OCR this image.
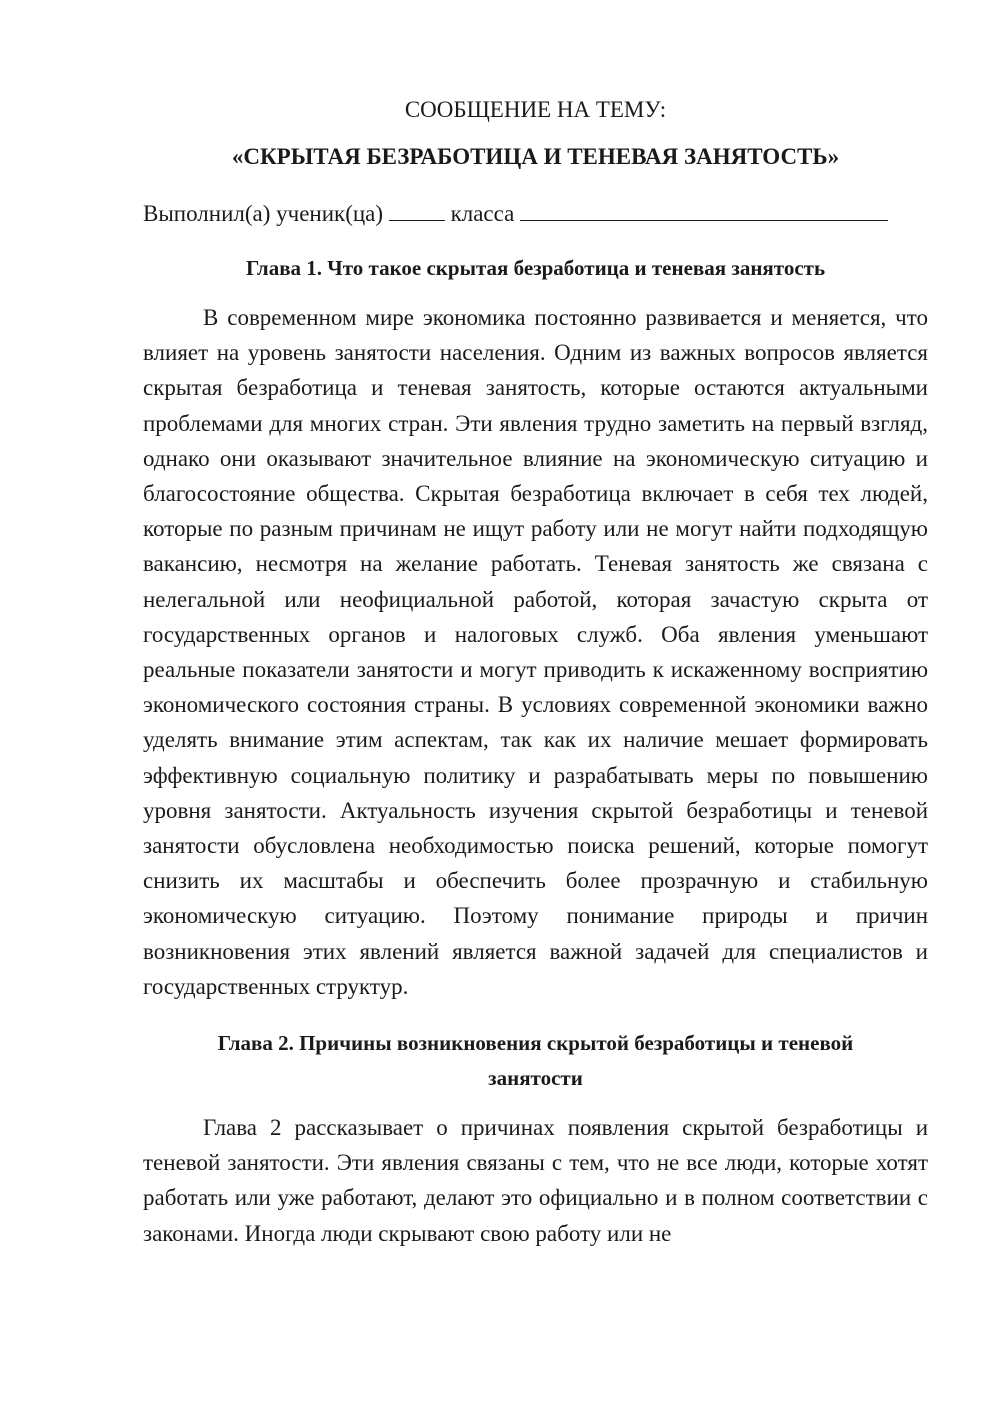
СООБЩЕНИЕ НА ТЕМУ:

«СКРЫТАЯ БЕЗРАБОТИЦА И ТЕНЕВАЯ ЗАНЯТОСТЬ»

Выполнил(а) ученик(ца)	класса

Глава 1. Что такое скрытая безработица и теневая занятость

В современном мире экономика постоянно развивается и меняется, что влияет на уровень занятости населения. Одним из важных вопросов является скрытая безработица и теневая занятость, которые остаются актуальными проблемами для многих стран. Эти явления трудно заметить на первый взгляд, однако они оказывают значительное влияние на экономическую ситуацию и благосостояние общества. Скрытая безработица включает в себя тех людей, которые по разным причинам не ищут работу или не могут найти подходящую вакансию, несмотря на желание работать. Теневая занятость же связана с нелегальной или неофициальной работой, которая зачастую скрыта от государственных органов и налоговых служб. Оба явления уменьшают реальные показатели занятости и могут приводить к искаженному восприятию экономического состояния страны. В условиях современной экономики важно уделять внимание этим аспектам, так как их наличие мешает формировать эффективную социальную политику и разрабатывать меры по повышению уровня занятости. Актуальность изучения скрытой безработицы и теневой занятости обусловлена необходимостью поиска решений, которые помогут снизить их масштабы и обеспечить более прозрачную и стабильную экономическую ситуацию. Поэтому понимание природы и причин возникновения этих явлений является важной задачей для специалистов и государственных структур.

Глава 2. Причины возникновения скрытой безработицы и теневой

занятости

Глава 2 рассказывает о причинах появления скрытой безработицы и теневой занятости. Эти явления связаны с тем, что не все люди, которые хотят работать или уже работают, делают это официально и в полном соответствии с законами. Иногда люди скрывают свою работу или не
